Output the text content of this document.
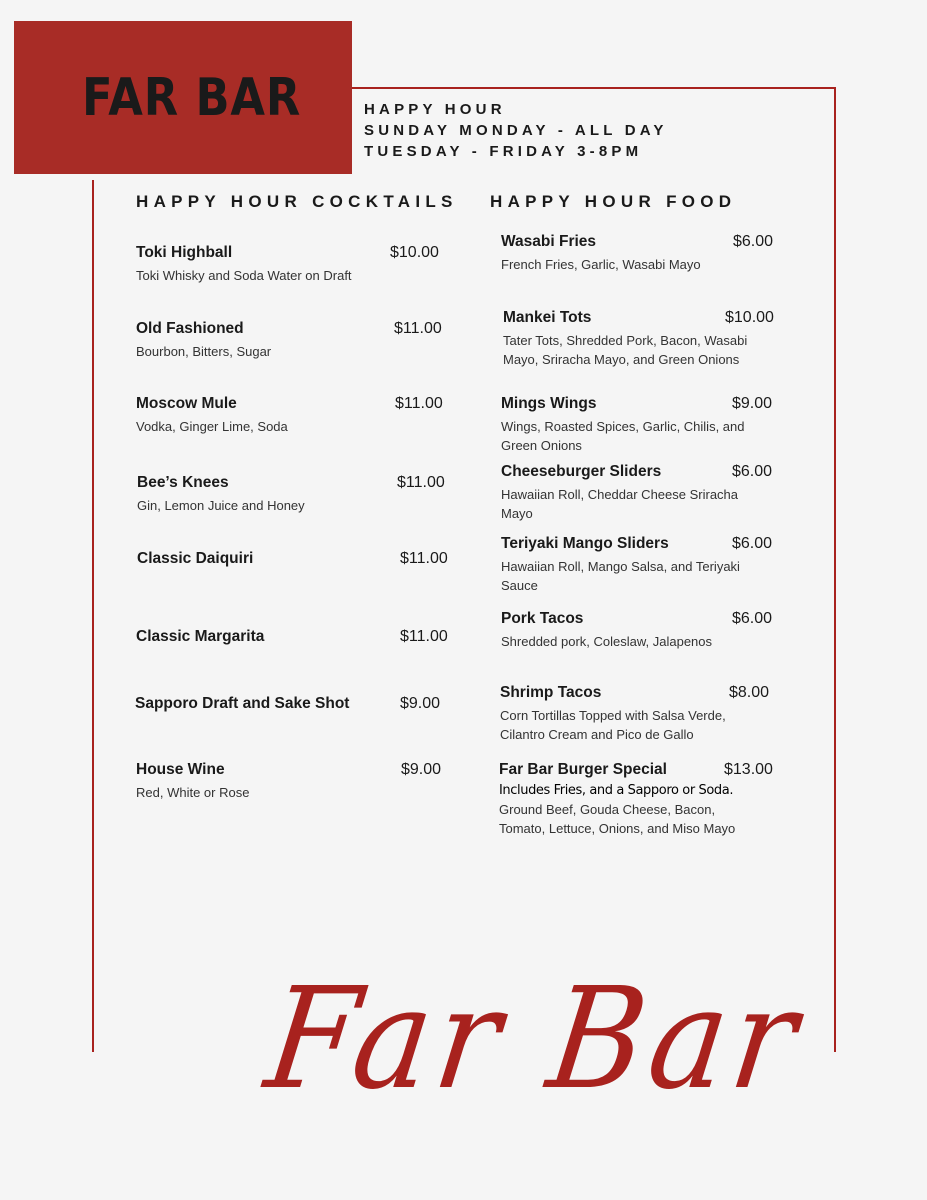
FAR BAR	HAPPY HOUR
SUNDAY MONDAY - ALL DAY
TUESDAY - FRIDAY 3-8PM
HAPPY HOUR COCKTAILS HAPPY HOUR FOOD
Toki Highball	$10.00
Toki Whisky and Soda Water on Draft
Old Fashioned	$11.00
Bourbon, Bitters, Sugar
Moscow Mule	$11.00
Vodka, Ginger Lime, Soda
Bee’s Knees	$11.00
Gin, Lemon Juice and Honey
Classic Daiquiri	$11.00
Classic Margarita	$11.00
Sapporo Draft and Sake Shot	$9.00
House Wine	$9.00
Red, White or Rose
Wasabi Fries	$6.00
French Fries, Garlic, Wasabi Mayo
Mankei Tots	$10.00
Tater Tots, Shredded Pork, Bacon, Wasabi Mayo, Sriracha Mayo, and Green Onions
Mings Wings	$9.00
Wings, Roasted Spices, Garlic, Chilis, and Green Onions
Cheeseburger Sliders	$6.00
Hawaiian Roll, Cheddar Cheese Sriracha Mayo
Teriyaki Mango Sliders	$6.00
Hawaiian Roll, Mango Salsa, and Teriyaki Sauce
Pork Tacos	$6.00
Shredded pork, Coleslaw, Jalapenos
Shrimp Tacos	$8.00
Corn Tortillas Topped with Salsa Verde, Cilantro Cream and Pico de Gallo
Far Bar Burger Special	$13.00
Includes Fries, and a Sapporo or Soda.
Ground Beef, Gouda Cheese, Bacon, Tomato, Lettuce, Onions, and Miso Mayo
Far Bar
